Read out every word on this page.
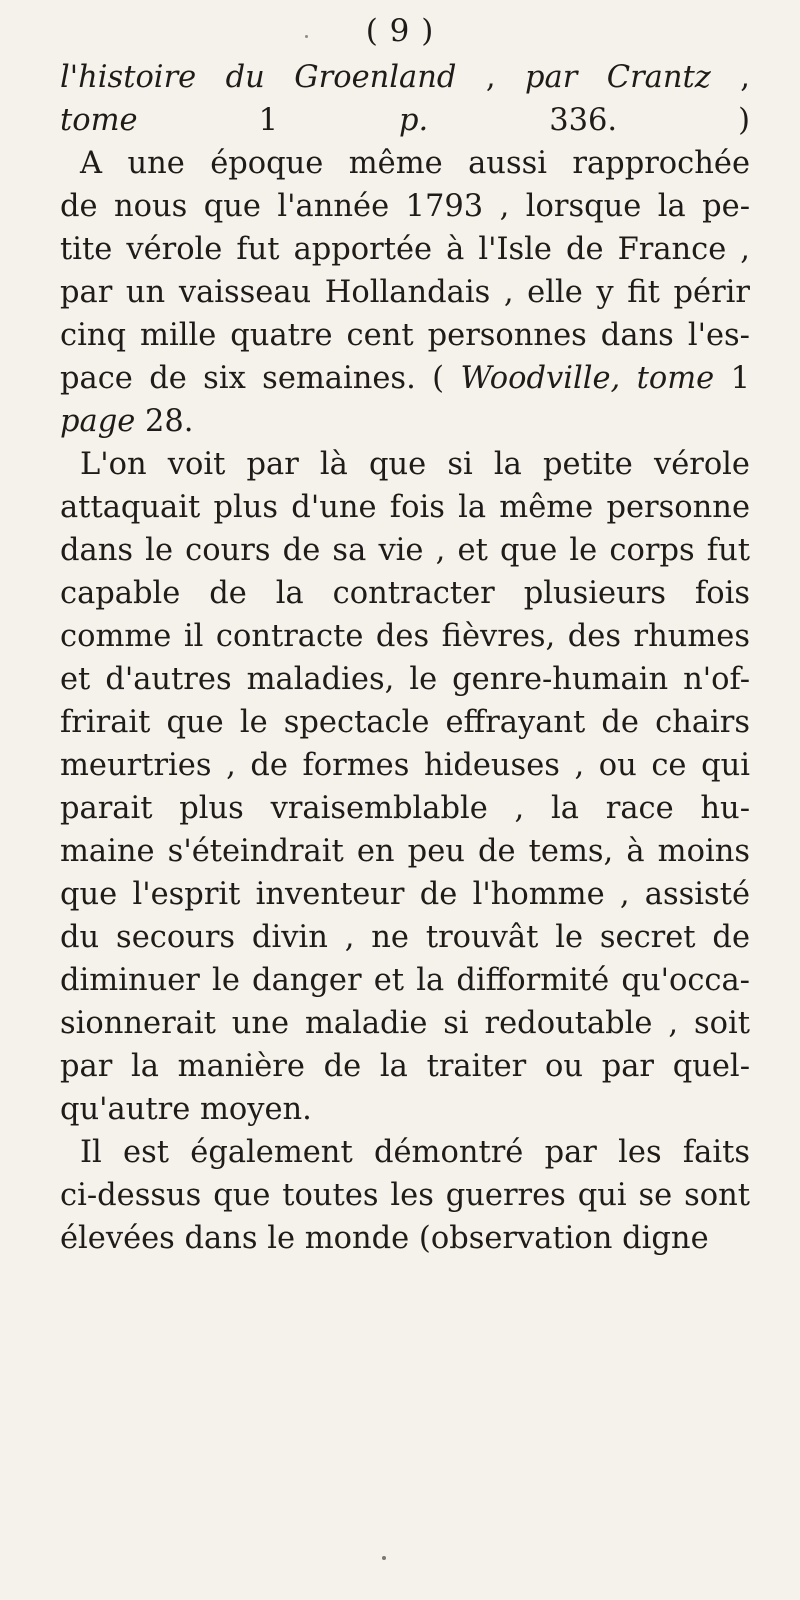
( 9 )
l'histoire du Groenland , par Crantz ,
tome 1 p. 336. )
A une époque même aussi rapprochée
de nous que l'année 1793 , lorsque la pe-
tite vérole fut apportée à l'Isle de France ,
par un vaisseau Hollandais , elle y fit périr
cinq mille quatre cent personnes dans l'es-
pace de six semaines. ( Woodville, tome 1
page 28.
L'on voit par là que si la petite vérole
attaquait plus d'une fois la même personne
dans le cours de sa vie , et que le corps fut
capable de la contracter plusieurs fois
comme il contracte des fièvres, des rhumes
et d'autres maladies, le genre-humain n'of-
frirait que le spectacle effrayant de chairs
meurtries , de formes hideuses , ou ce qui
parait plus vraisemblable , la race hu-
maine s'éteindrait en peu de tems, à moins
que l'esprit inventeur de l'homme , assisté
du secours divin , ne trouvât le secret de
diminuer le danger et la difformité qu'occa-
sionnerait une maladie si redoutable , soit
par la manière de la traiter ou par quel-
qu'autre moyen.
Il est également démontré par les faits
ci-dessus que toutes les guerres qui se sont
élevées dans le monde (observation digne
